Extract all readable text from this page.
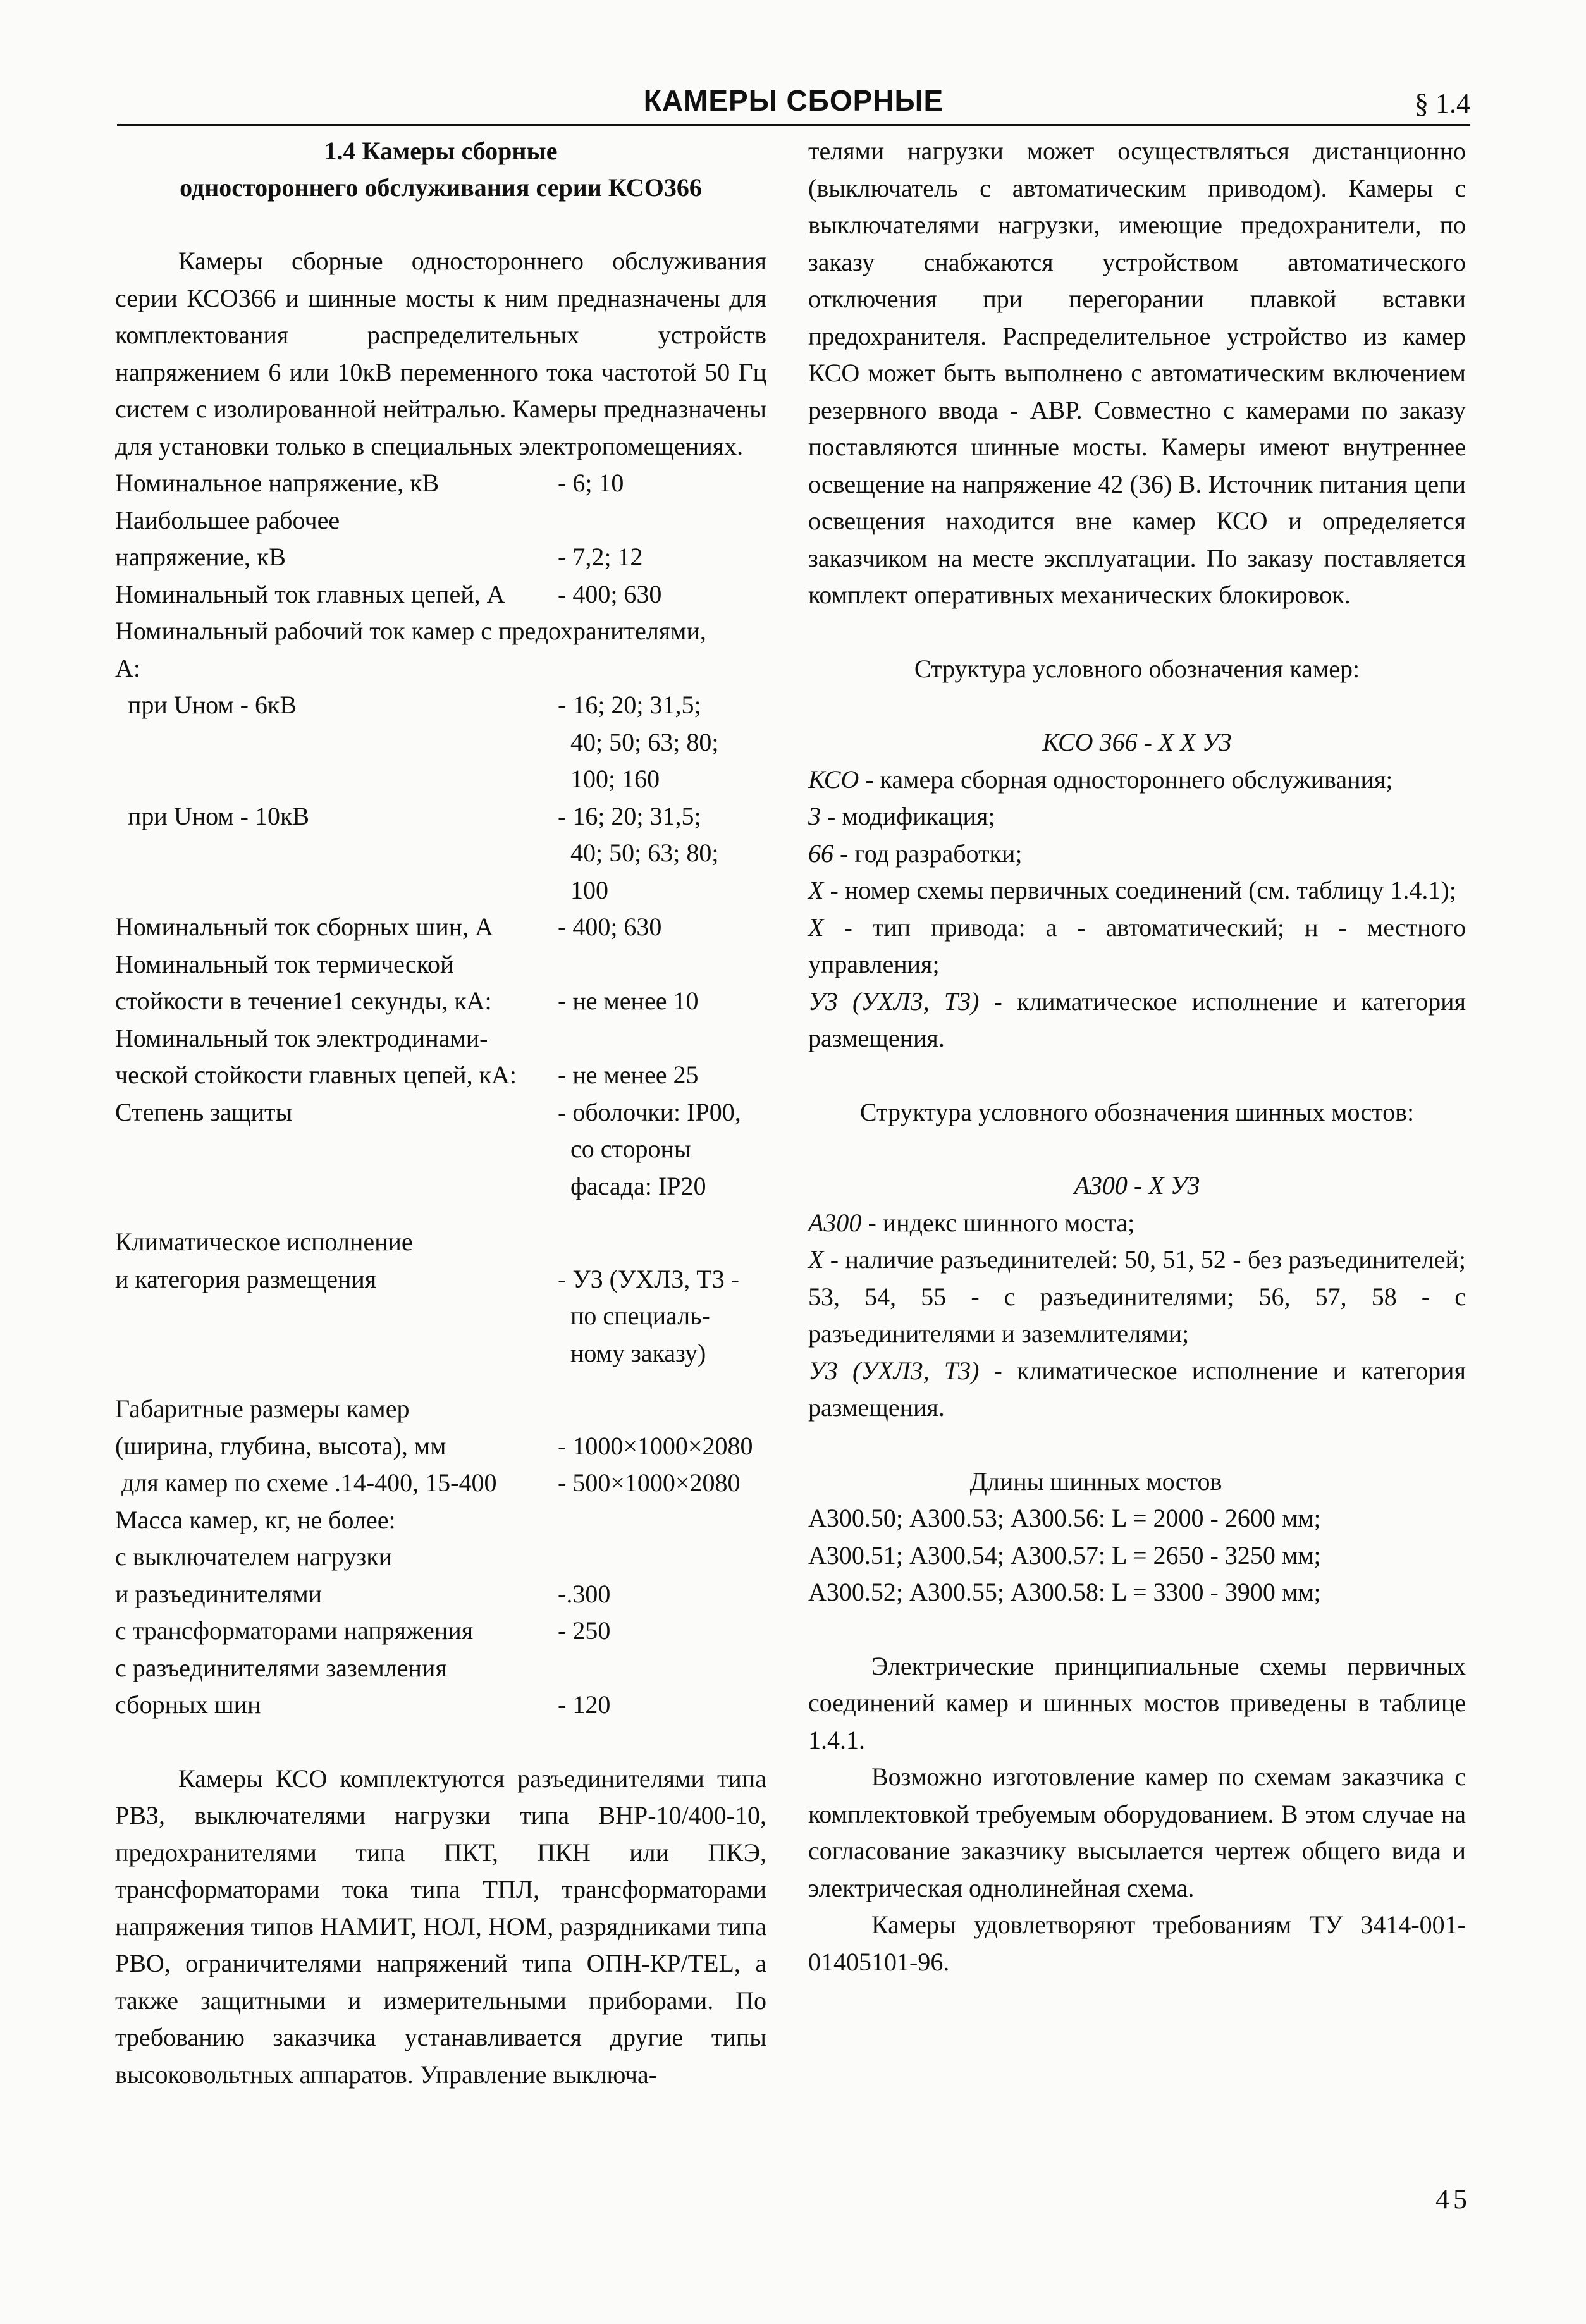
КАМЕРЫ СБОРНЫЕ	§ 1.4
1.4 Камеры сборные
одностороннего обслуживания серии КСО366

Камеры сборные одностороннего обслуживания серии КСО366 и шинные мосты к ним предназначены для комплектования распределительных устройств напряжением 6 или 10кВ переменного тока частотой 50 Гц систем с изолированной нейтралью. Камеры предназначены для установки только в специальных электропомещениях.

Номинальное напряжение, кВ	- 6; 10
Наибольшее рабочее
напряжение, кВ	- 7,2; 12
Номинальный ток главных цепей, А	- 400; 630
Номинальный рабочий ток камер с предохранителями,
А:
при Uном - 6кВ	- 16; 20; 31,5;
40; 50; 63; 80;
100; 160
при Uном - 10кВ	- 16; 20; 31,5;
40; 50; 63; 80;
100
Номинальный ток сборных шин, А	- 400; 630
Номинальный ток термической
стойкости в течение1 секунды, кА:	- не менее 10
Номинальный ток электродинами-
ческой стойкости главных цепей, кА:	- не менее 25
Степень защиты	- оболочки: IP00,
со стороны
фасада: IP20
Климатическое исполнение
и категория размещения	- У3 (УХЛ3, Т3 -
по специаль-
ному заказу)
Габаритные размеры камер
(ширина, глубина, высота), мм	- 1000×1000×2080
для камер по схеме .14-400, 15-400	- 500×1000×2080
Масса камер, кг, не более:
с выключателем нагрузки
и разъединителями	-.300
с трансформаторами напряжения	- 250
с разъединителями заземления
сборных шин	- 120

Камеры КСО комплектуются разъединителями типа РВЗ, выключателями нагрузки типа ВНР-10/400-10, предохранителями типа ПКТ, ПКН или ПКЭ, трансформаторами тока типа ТПЛ, трансформаторами напряжения типов НАМИТ, НОЛ, НОМ, разрядниками типа РВО, ограничителями напряжений типа ОПН-КР/TEL, а также защитными и измерительными приборами. По требованию заказчика устанавливается другие типы высоковольтных аппаратов. Управление выключа-

телями нагрузки может осуществляться дистанционно (выключатель с автоматическим приводом). Камеры с выключателями нагрузки, имеющие предохранители, по заказу снабжаются устройством автоматического отключения при перегорании плавкой вставки предохранителя. Распределительное устройство из камер КСО может быть выполнено с автоматическим включением резервного ввода - АВР. Совместно с камерами по заказу поставляются шинные мосты. Камеры имеют внутреннее освещение на напряжение 42 (36) В. Источник питания цепи освещения находится вне камер КСО и определяется заказчиком на месте эксплуатации. По заказу поставляется комплект оперативных механических блокировок.

Структура условного обозначения камер:
КСО 366 - Х Х У3

КСО - камера сборная одностороннего обслуживания;

3 - модификация;

66 - год разработки;

Х - номер схемы первичных соединений (см. таблицу 1.4.1);

Х - тип привода: а - автоматический; н - местного управления;

У3 (УХЛ3, Т3) - климатическое исполнение и категория размещения.

Структура условного обозначения шинных мостов:
А300 - Х У3

А300 - индекс шинного моста;

Х - наличие разъединителей: 50, 51, 52 - без разъединителей; 53, 54, 55 - с разъединителями; 56, 57, 58 - с разъединителями и заземлителями;

У3 (УХЛ3, Т3) - климатическое исполнение и категория размещения.

Длины шинных мостов
А300.50; А300.53; А300.56: L = 2000 - 2600 мм;
А300.51; А300.54; А300.57: L = 2650 - 3250 мм;
А300.52; А300.55; А300.58: L = 3300 - 3900 мм;

Электрические принципиальные схемы первичных соединений камер и шинных мостов приведены в таблице 1.4.1.

Возможно изготовление камер по схемам заказчика с комплектовкой требуемым оборудованием. В этом случае на согласование заказчику высылается чертеж общего вида и электрическая однолинейная схема.

Камеры удовлетворяют требованиям ТУ 3414-001-01405101-96.

45
